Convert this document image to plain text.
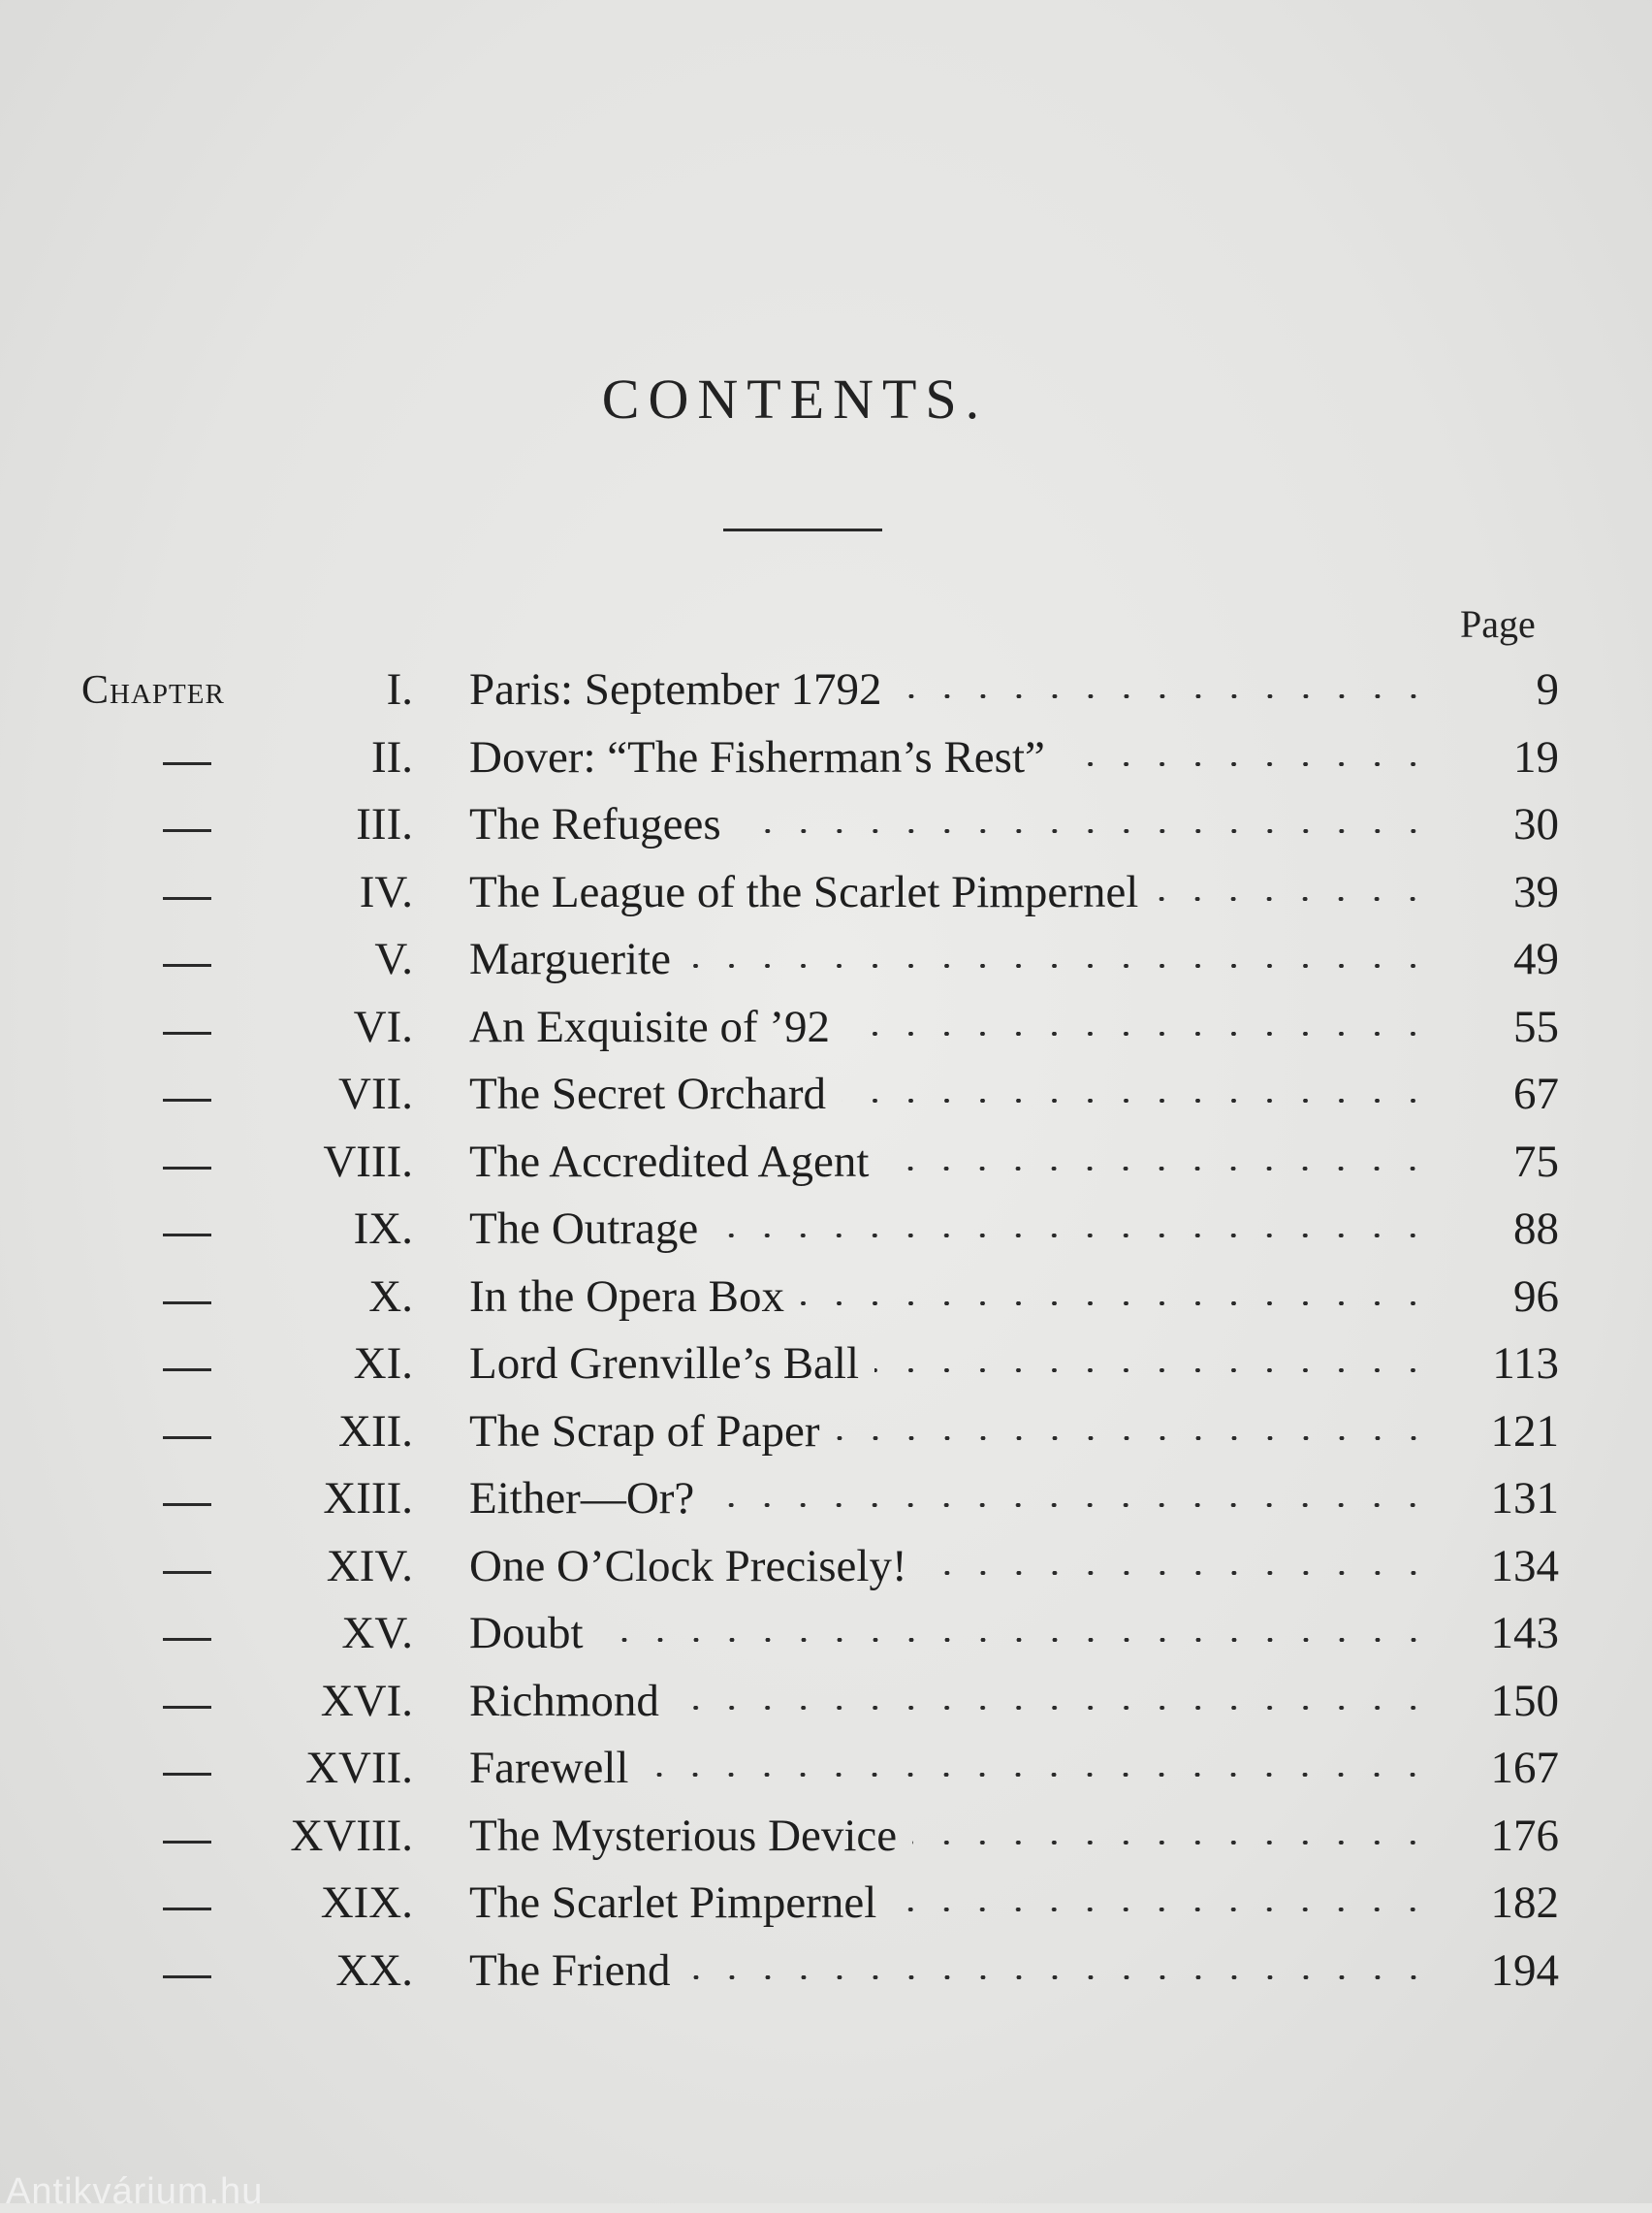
CONTENTS.
Page
Chapter	I. Paris: September 1792	9
II. Dover: “The Fisherman’s Rest”	19
III. The Refugees	30
IV. The League of the Scarlet Pimpernel	39
V. Marguerite	49
VI. An Exquisite of ’92	55
VII. The Secret Orchard	67
VIII. The Accredited Agent	75
IX. The Outrage	88
X. In the Opera Box	96
XI. Lord Grenville’s Ball	113
XII. The Scrap of Paper	121
XIII. Either—Or?	131
XIV. One O’Clock Precisely!	134
XV. Doubt	143
XVI. Richmond	150
XVII. Farewell	167
XVIII. The Mysterious Device	176
XIX. The Scarlet Pimpernel	182
XX. The Friend	194
Antikvárium.hu
